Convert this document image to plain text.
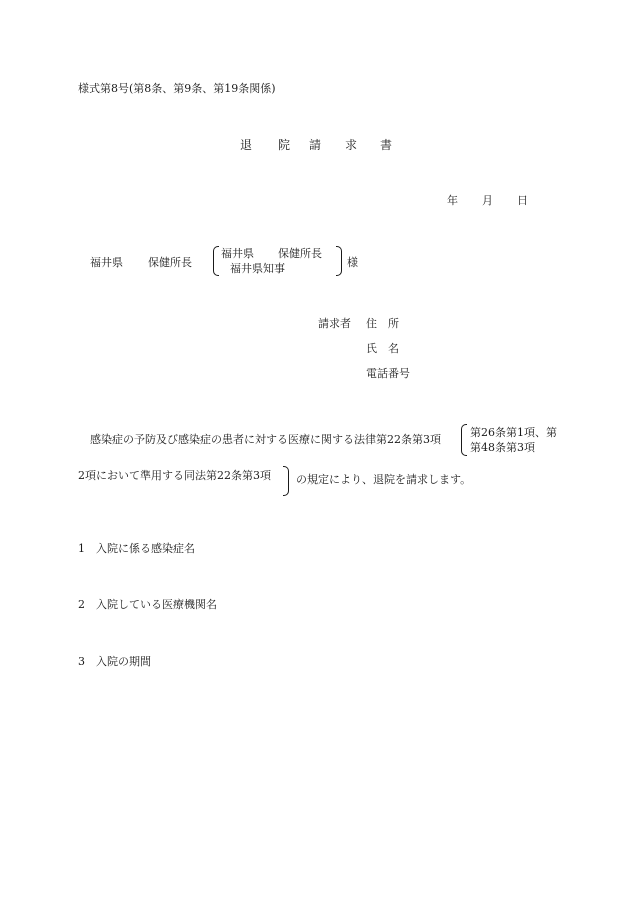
様式第8号(第8条、第9条、第19条関係)
退 院 請 求 書
年 月 日
福井県 保健所長
福井県 保健所長
福井県知事	様
請求者 住　所
氏　名
電話番号
感染症の予防及び感染症の患者に対する医療に関する法律第22条第3項
第26条第1項、第
第48条第3項
2項において準用する同法第22条第3項 の規定により、退院を請求します。
1 入院に係る感染症名
2 入院している医療機関名
3 入院の期間
